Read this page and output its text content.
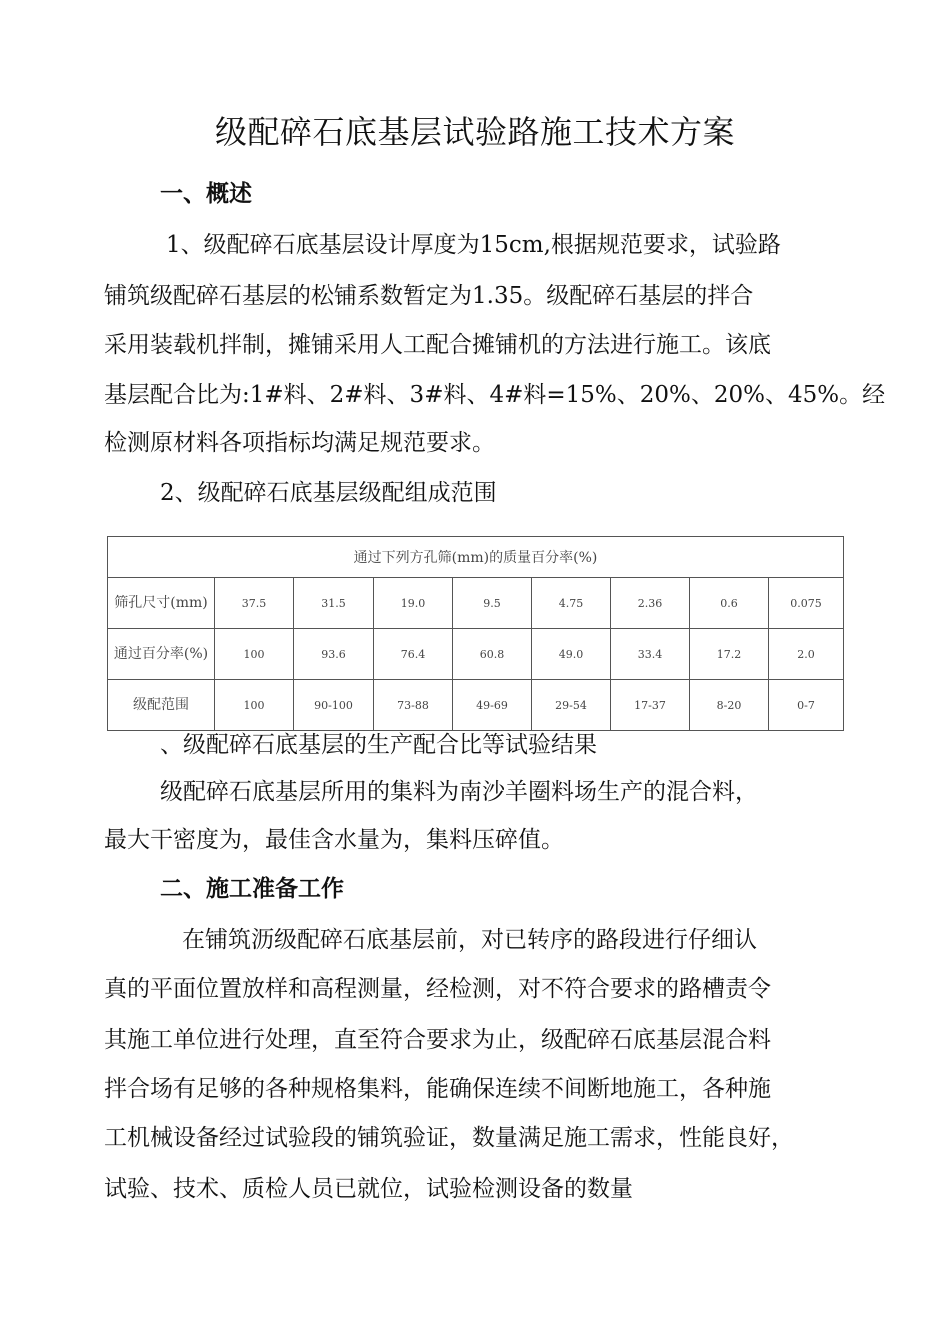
级配碎石底基层试验路施工技术方案
一、概述
1、级配碎石底基层设计厚度为15cm,根据规范要求，试验路
铺筑级配碎石基层的松铺系数暂定为1.35。级配碎石基层的拌合
采用装载机拌制，摊铺采用人工配合摊铺机的方法进行施工。该底
基层配合比为:1#料、2#料、3#料、4#料=15%、20%、20%、45%。经
检测原材料各项指标均满足规范要求。
2、级配碎石底基层级配组成范围
通过下列方孔筛(mm)的质量百分率(%)								
筛孔尺寸(mm)	37.5	31.5	19.0	9.5	4.75	2.36	0.6	0.075
通过百分率(%)	100	93.6	76.4	60.8	49.0	33.4	17.2	2.0
级配范围	100	90-100	73-88	49-69	29-54	17-37	8-20	0-7
、级配碎石底基层的生产配合比等试验结果
级配碎石底基层所用的集料为南沙羊圈料场生产的混合料，
最大干密度为，最佳含水量为，集料压碎值。
二、施工准备工作
在铺筑沥级配碎石底基层前，对已转序的路段进行仔细认
真的平面位置放样和高程测量，经检测，对不符合要求的路槽责令
其施工单位进行处理，直至符合要求为止，级配碎石底基层混合料
拌合场有足够的各种规格集料，能确保连续不间断地施工，各种施
工机械设备经过试验段的铺筑验证，数量满足施工需求，性能良好，
试验、技术、质检人员已就位，试验检测设备的数量
